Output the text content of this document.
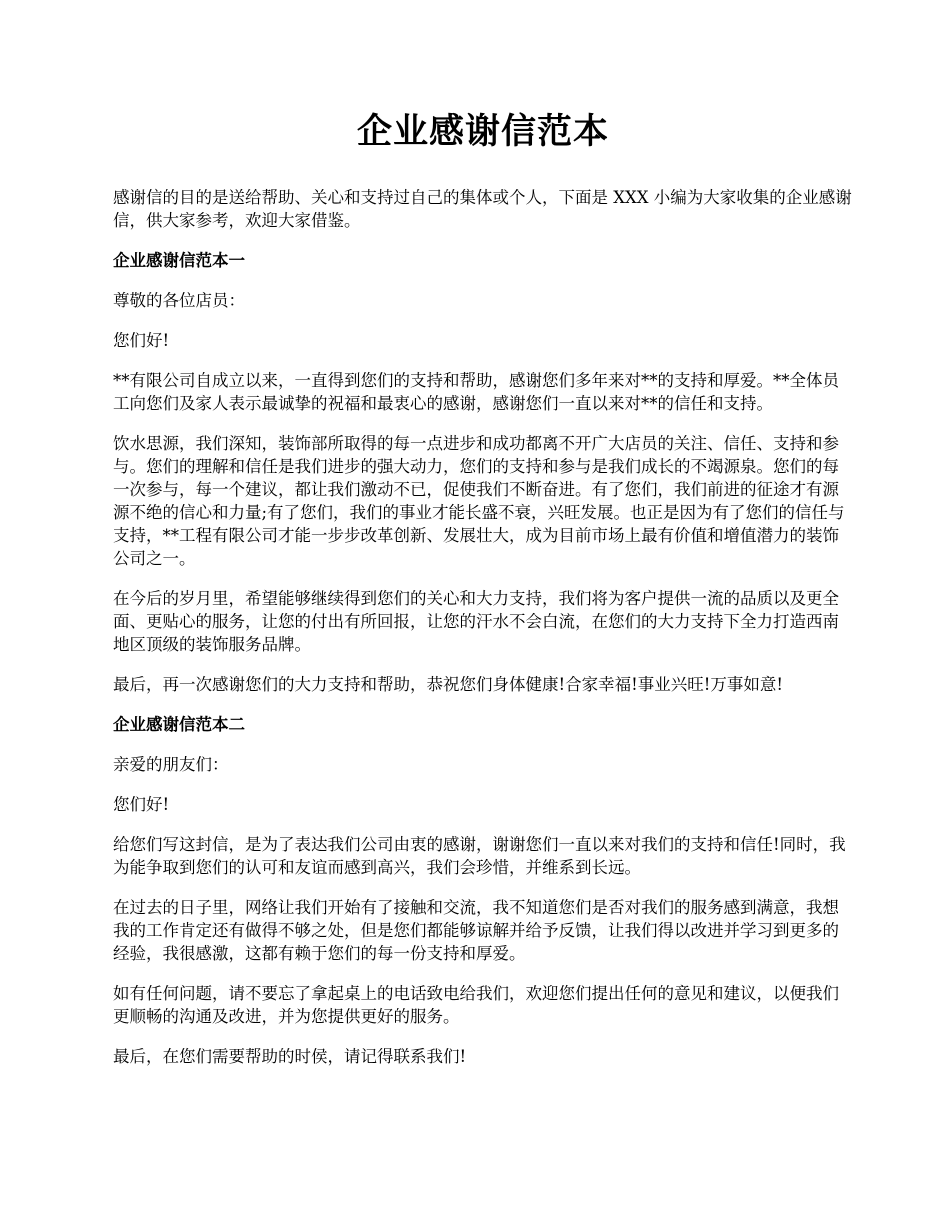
企业感谢信范本

感谢信的目的是送给帮助、关心和支持过自己的集体或个人，下面是 XXX 小编为大家收集的企业感谢信，供大家参考，欢迎大家借鉴。

企业感谢信范本一

尊敬的各位店员：

您们好!

**有限公司自成立以来，一直得到您们的支持和帮助，感谢您们多年来对**的支持和厚爱。**全体员工向您们及家人表示最诚挚的祝福和最衷心的感谢，感谢您们一直以来对**的信任和支持。

饮水思源，我们深知，装饰部所取得的每一点进步和成功都离不开广大店员的关注、信任、支持和参与。您们的理解和信任是我们进步的强大动力，您们的支持和参与是我们成长的不竭源泉。您们的每一次参与，每一个建议，都让我们激动不已，促使我们不断奋进。有了您们，我们前进的征途才有源源不绝的信心和力量;有了您们，我们的事业才能长盛不衰，兴旺发展。也正是因为有了您们的信任与支持，**工程有限公司才能一步步改革创新、发展壮大，成为目前市场上最有价值和增值潜力的装饰公司之一。

在今后的岁月里，希望能够继续得到您们的关心和大力支持，我们将为客户提供一流的品质以及更全面、更贴心的服务，让您的付出有所回报，让您的汗水不会白流，在您们的大力支持下全力打造西南地区顶级的装饰服务品牌。

最后，再一次感谢您们的大力支持和帮助，恭祝您们身体健康!合家幸福!事业兴旺!万事如意!

企业感谢信范本二

亲爱的朋友们：

您们好!

给您们写这封信，是为了表达我们公司由衷的感谢，谢谢您们一直以来对我们的支持和信任!同时，我为能争取到您们的认可和友谊而感到高兴，我们会珍惜，并维系到长远。

在过去的日子里，网络让我们开始有了接触和交流，我不知道您们是否对我们的服务感到满意，我想我的工作肯定还有做得不够之处，但是您们都能够谅解并给予反馈，让我们得以改进并学习到更多的经验，我很感激，这都有赖于您们的每一份支持和厚爱。

如有任何问题，请不要忘了拿起桌上的电话致电给我们，欢迎您们提出任何的意见和建议，以便我们更顺畅的沟通及改进，并为您提供更好的服务。

最后，在您们需要帮助的时侯，请记得联系我们!
